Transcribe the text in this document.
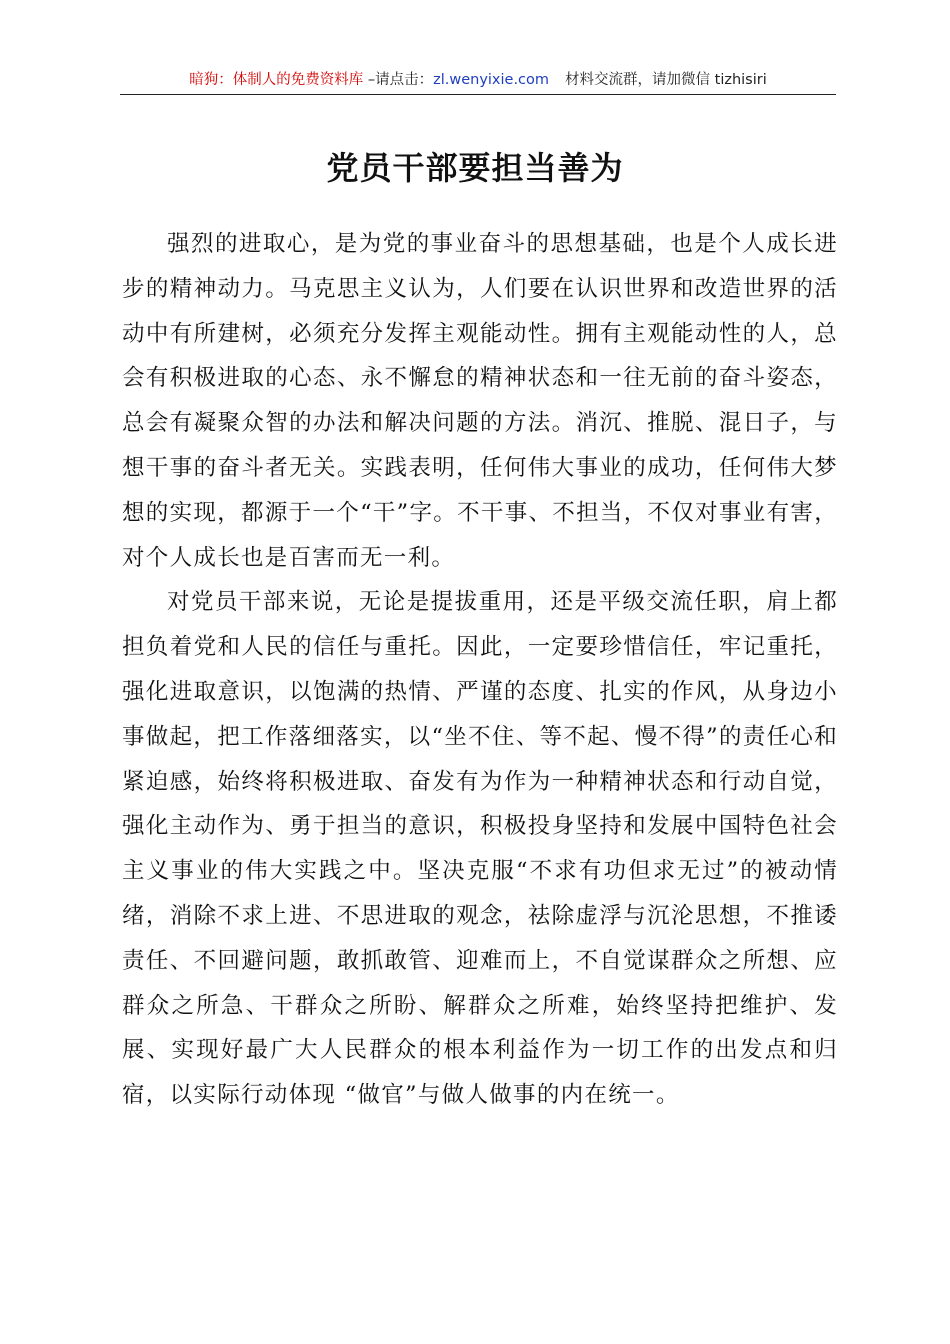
暗狗：体制人的免费资料库 –请点击：zl.wenyixie.com 材料交流群，请加微信 tizhisiri
党员干部要担当善为

强烈的进取心，是为党的事业奋斗的思想基础，也是个人成长进步的精神动力。马克思主义认为，人们要在认识世界和改造世界的活动中有所建树，必须充分发挥主观能动性。拥有主观能动性的人，总会有积极进取的心态、永不懈怠的精神状态和一往无前的奋斗姿态，总会有凝聚众智的办法和解决问题的方法。消沉、推脱、混日子，与想干事的奋斗者无关。实践表明，任何伟大事业的成功，任何伟大梦想的实现，都源于一个“干”字。不干事、不担当，不仅对事业有害，对个人成长也是百害而无一利。

对党员干部来说，无论是提拔重用，还是平级交流任职，肩上都担负着党和人民的信任与重托。因此，一定要珍惜信任，牢记重托，强化进取意识，以饱满的热情、严谨的态度、扎实的作风，从身边小事做起，把工作落细落实，以“坐不住、等不起、慢不得”的责任心和紧迫感，始终将积极进取、奋发有为作为一种精神状态和行动自觉，强化主动作为、勇于担当的意识，积极投身坚持和发展中国特色社会主义事业的伟大实践之中。坚决克服“不求有功但求无过”的被动情绪，消除不求上进、不思进取的观念，祛除虚浮与沉沦思想，不推诿责任、不回避问题，敢抓敢管、迎难而上，不自觉谋群众之所想、应群众之所急、干群众之所盼、解群众之所难，始终坚持把维护、发展、实现好最广大人民群众的根本利益作为一切工作的出发点和归宿，以实际行动体现 “做官”与做人做事的内在统一。
